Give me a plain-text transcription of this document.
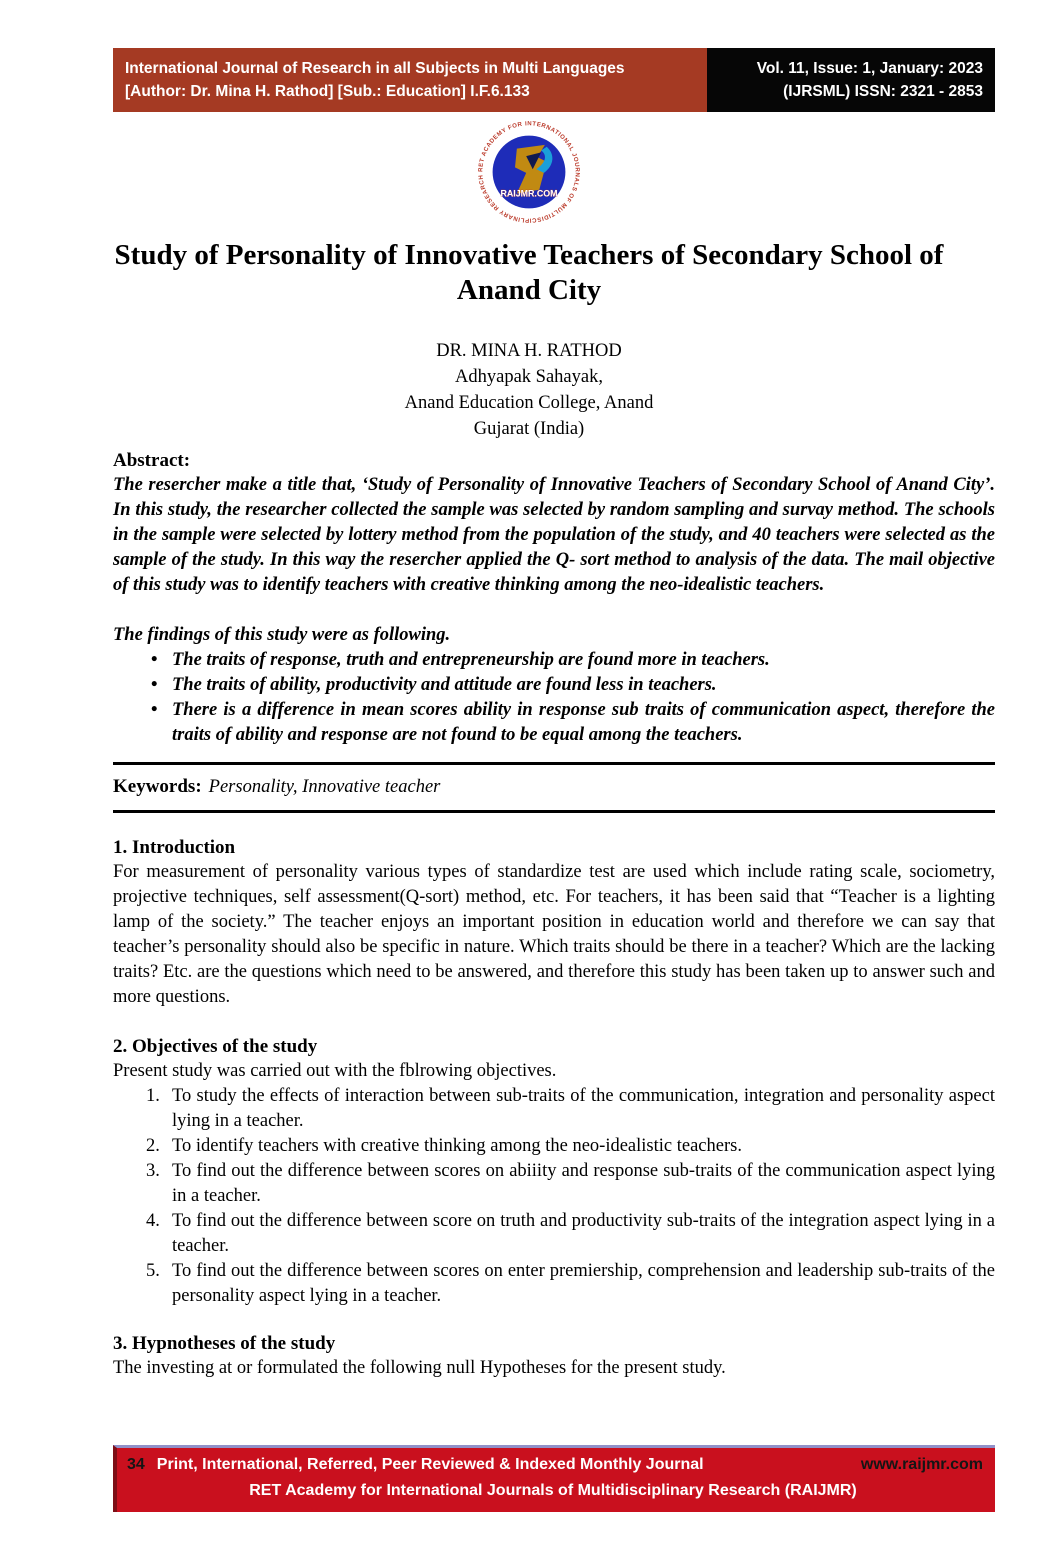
International Journal of Research in all Subjects in Multi Languages
[Author: Dr. Mina H. Rathod] [Sub.: Education] I.F.6.133
Vol. 11, Issue: 1, January: 2023
(IJRSML) ISSN: 2321 - 2853
RET ACADEMY FOR INTERNATIONAL JOURNALS OF MULTIDISCIPLINARY RESEARCH
RAIJMR.COM
Study of Personality of Innovative Teachers of Secondary School of Anand City
DR. MINA H. RATHOD
Adhyapak Sahayak,
Anand Education College, Anand
Gujarat (India)
Abstract:

The resercher make a title that, ‘Study of Personality of Innovative Teachers of Secondary School of Anand City’. In this study, the researcher collected the sample was selected by random sampling and survay method. The schools in the sample were selected by lottery method from the population of the study, and 40 teachers were selected as the sample of the study. In this way the resercher applied the Q- sort method to analysis of the data. The mail objective of this study was to identify teachers with creative thinking among the neo-idealistic teachers.

The findings of this study were as following.

• The traits of response, truth and entrepreneurship are found more in teachers.
• The traits of ability, productivity and attitude are found less in teachers.
• There is a difference in mean scores ability in response sub traits of communication aspect, therefore the traits of ability and response are not found to be equal among the teachers.
Keywords: Personality, Innovative teacher
1. Introduction

For measurement of personality various types of standardize test are used which include rating scale, sociometry, projective techniques, self assessment(Q-sort) method, etc. For teachers, it has been said that “Teacher is a lighting lamp of the society.” The teacher enjoys an important position in education world and therefore we can say that teacher’s personality should also be specific in nature. Which traits should be there in a teacher? Which are the lacking traits? Etc. are the questions which need to be answered, and therefore this study has been taken up to answer such and more questions.

2. Objectives of the study

Present study was carried out with the fblrowing objectives.

To study the effects of interaction between sub-traits of the communication, integration and personality aspect lying in a teacher.
To identify teachers with creative thinking among the neo-idealistic teachers.
To find out the difference between scores on abiiity and response sub-traits of the communication aspect lying in a teacher.
To find out the difference between score on truth and productivity sub-traits of the integration aspect lying in a teacher.
To find out the difference between scores on enter premiership, comprehension and leadership sub-traits of the personality aspect lying in a teacher.
3. Hypnotheses of the study

The investing at or formulated the following null Hypotheses for the present study.

34 Print, International, Referred, Peer Reviewed & Indexed Monthly Journal	www.raijmr.com
RET Academy for International Journals of Multidisciplinary Research (RAIJMR)
